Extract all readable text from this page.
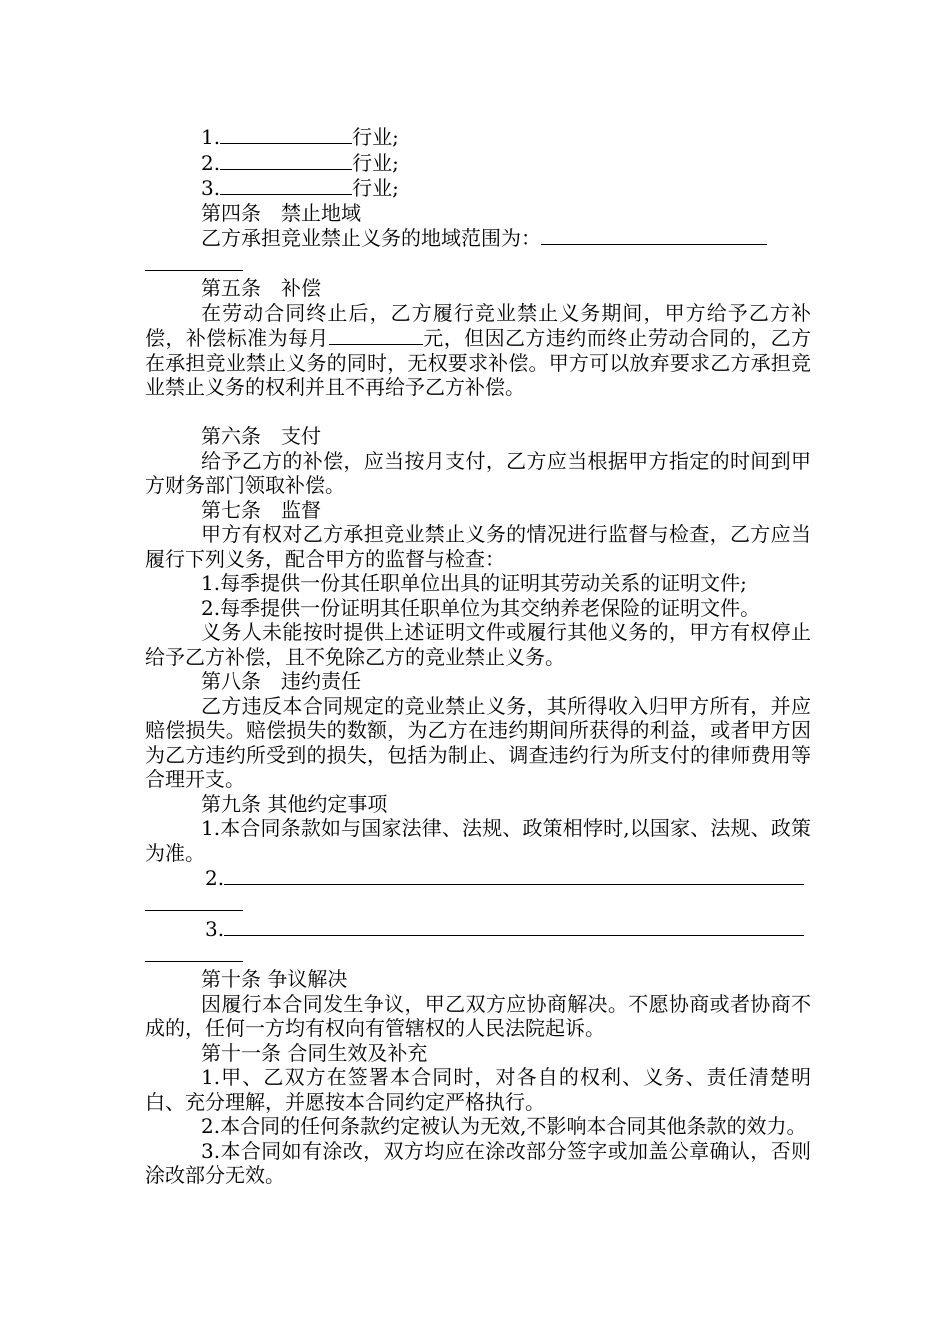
1.	行业;
2.	行业;
3.	行业;
第四条　禁止地域
乙方承担竞业禁止义务的地域范围为：
第五条　补偿
在劳动合同终止后，乙方履行竞业禁止义务期间，甲方给予乙方补偿，补偿标准为每月	元，但因乙方违约而终止劳动合同的，乙方在承担竞业禁止义务的同时，无权要求补偿。甲方可以放弃要求乙方承担竞业禁止义务的权利并且不再给予乙方补偿。
第六条　支付
给予乙方的补偿，应当按月支付，乙方应当根据甲方指定的时间到甲方财务部门领取补偿。
第七条　监督
甲方有权对乙方承担竞业禁止义务的情况进行监督与检查，乙方应当履行下列义务，配合甲方的监督与检查：
1.每季提供一份其任职单位出具的证明其劳动关系的证明文件;
2.每季提供一份证明其任职单位为其交纳养老保险的证明文件。
义务人未能按时提供上述证明文件或履行其他义务的，甲方有权停止给予乙方补偿，且不免除乙方的竞业禁止义务。
第八条　违约责任
乙方违反本合同规定的竞业禁止义务，其所得收入归甲方所有，并应赔偿损失。赔偿损失的数额，为乙方在违约期间所获得的利益，或者甲方因为乙方违约所受到的损失，包括为制止、调查违约行为所支付的律师费用等合理开支。
第九条 其他约定事项
1.本合同条款如与国家法律、法规、政策相悖时,以国家、法规、政策为准。
2.
3.
第十条 争议解决
因履行本合同发生争议，甲乙双方应协商解决。不愿协商或者协商不成的，任何一方均有权向有管辖权的人民法院起诉。
第十一条 合同生效及补充
1.甲、乙双方在签署本合同时，对各自的权利、义务、责任清楚明白、充分理解，并愿按本合同约定严格执行。
2.本合同的任何条款约定被认为无效,不影响本合同其他条款的效力。
3.本合同如有涂改，双方均应在涂改部分签字或加盖公章确认，否则涂改部分无效。
